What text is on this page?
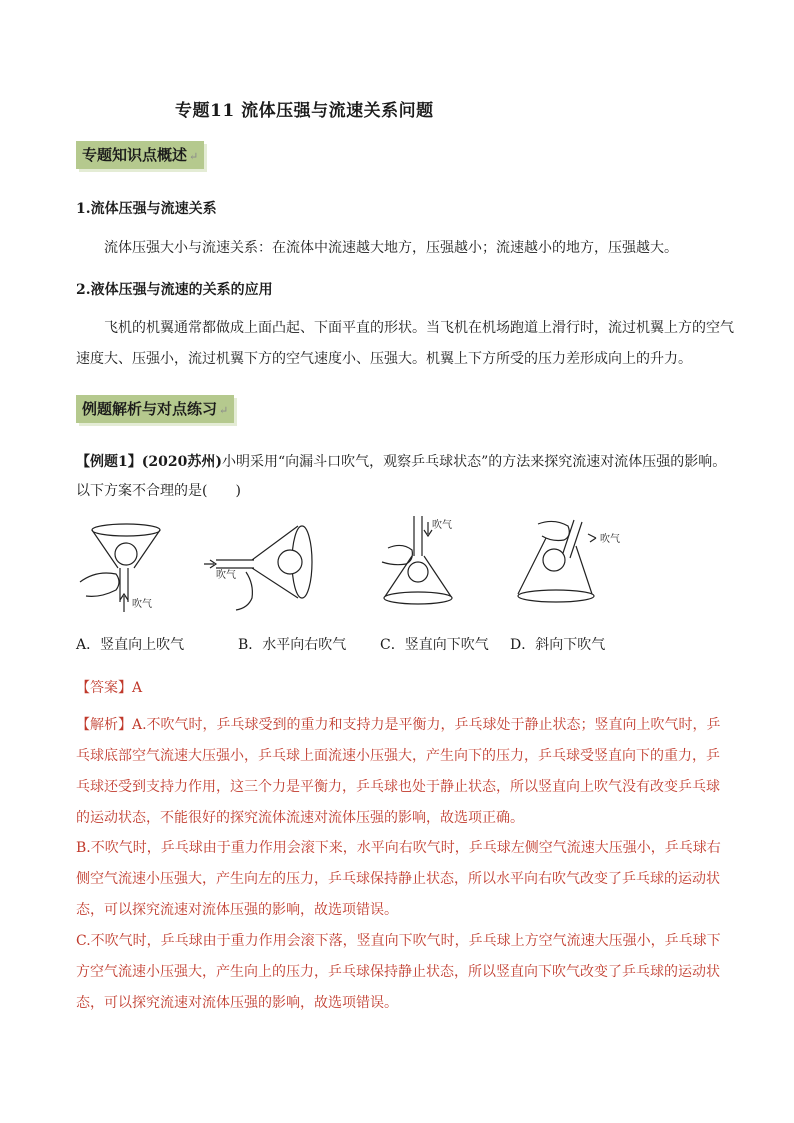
专题11 流体压强与流速关系问题
专题知识点概述 ↵
1.流体压强与流速关系
流体压强大小与流速关系：在流体中流速越大地方，压强越小；流速越小的地方，压强越大。
2.液体压强与流速的关系的应用
飞机的机翼通常都做成上面凸起、下面平直的形状。当飞机在机场跑道上滑行时，流过机翼上方的空气速度大、压强小，流过机翼下方的空气速度小、压强大。机翼上下方所受的压力差形成向上的升力。
例题解析与对点练习 ↵
【例题1】(2020苏州)小明采用“向漏斗口吹气，观察乒乓球状态”的方法来探究流速对流体压强的影响。
以下方案不合理的是(　　)
吹气
吹气
吹气
吹气
A．竖直向上吹气	B．水平向右吹气 C．竖直向下吹气 D．斜向下吹气
【答案】A
【解析】A.不吹气时，乒乓球受到的重力和支持力是平衡力，乒乓球处于静止状态；竖直向上吹气时，乒乓球底部空气流速大压强小，乒乓球上面流速小压强大，产生向下的压力，乒乓球受竖直向下的重力，乒乓球还受到支持力作用，这三个力是平衡力，乒乓球也处于静止状态，所以竖直向上吹气没有改变乒乓球的运动状态，不能很好的探究流体流速对流体压强的影响，故选项正确。
B.不吹气时，乒乓球由于重力作用会滚下来，水平向右吹气时，乒乓球左侧空气流速大压强小，乒乓球右侧空气流速小压强大，产生向左的压力，乒乓球保持静止状态，所以水平向右吹气改变了乒乓球的运动状态，可以探究流速对流体压强的影响，故选项错误。
C.不吹气时，乒乓球由于重力作用会滚下落，竖直向下吹气时，乒乓球上方空气流速大压强小，乒乓球下方空气流速小压强大，产生向上的压力，乒乓球保持静止状态，所以竖直向下吹气改变了乒乓球的运动状态，可以探究流速对流体压强的影响，故选项错误。
